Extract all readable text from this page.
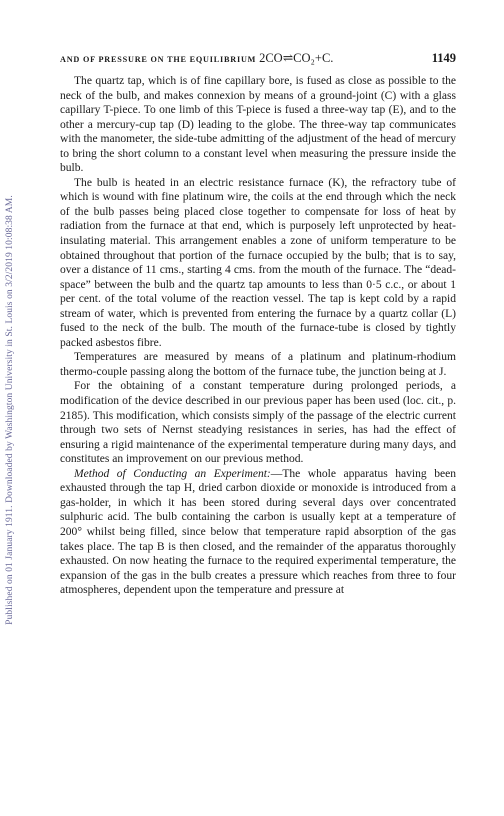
Published on 01 January 1911. Downloaded by Washington University in St. Louis on 3/2/2019 10:08:38 AM.
AND OF PRESSURE ON THE EQUILIBRIUM 2CO⇌CO₂+C.	1149

The quartz tap, which is of fine capillary bore, is fused as close as possible to the neck of the bulb, and makes connexion by means of a ground-joint (C) with a glass capillary T-piece. To one limb of this T-piece is fused a three-way tap (E), and to the other a mercury-cup tap (D) leading to the globe. The three-way tap communicates with the manometer, the side-tube admitting of the adjustment of the head of mercury to bring the short column to a constant level when measuring the pressure inside the bulb.

The bulb is heated in an electric resistance furnace (K), the refractory tube of which is wound with fine platinum wire, the coils at the end through which the neck of the bulb passes being placed close together to compensate for loss of heat by radiation from the furnace at that end, which is purposely left unprotected by heat-insulating material. This arrangement enables a zone of uniform temperature to be obtained throughout that portion of the furnace occupied by the bulb; that is to say, over a distance of 11 cms., starting 4 cms. from the mouth of the furnace. The “dead-space” between the bulb and the quartz tap amounts to less than 0·5 c.c., or about 1 per cent. of the total volume of the reaction vessel. The tap is kept cold by a rapid stream of water, which is prevented from entering the furnace by a quartz collar (L) fused to the neck of the bulb. The mouth of the furnace-tube is closed by tightly packed asbestos fibre.

Temperatures are measured by means of a platinum and platinum-rhodium thermo-couple passing along the bottom of the furnace tube, the junction being at J.

For the obtaining of a constant temperature during prolonged periods, a modification of the device described in our previous paper has been used (loc. cit., p. 2185). This modification, which consists simply of the passage of the electric current through two sets of Nernst steadying resistances in series, has had the effect of ensuring a rigid maintenance of the experimental temperature during many days, and constitutes an improvement on our previous method.

Method of Conducting an Experiment:—The whole apparatus having been exhausted through the tap H, dried carbon dioxide or monoxide is introduced from a gas-holder, in which it has been stored during several days over concentrated sulphuric acid. The bulb containing the carbon is usually kept at a temperature of 200° whilst being filled, since below that temperature rapid absorption of the gas takes place. The tap B is then closed, and the remainder of the apparatus thoroughly exhausted. On now heating the furnace to the required experimental temperature, the expansion of the gas in the bulb creates a pressure which reaches from three to four atmospheres, dependent upon the temperature and pressure at
